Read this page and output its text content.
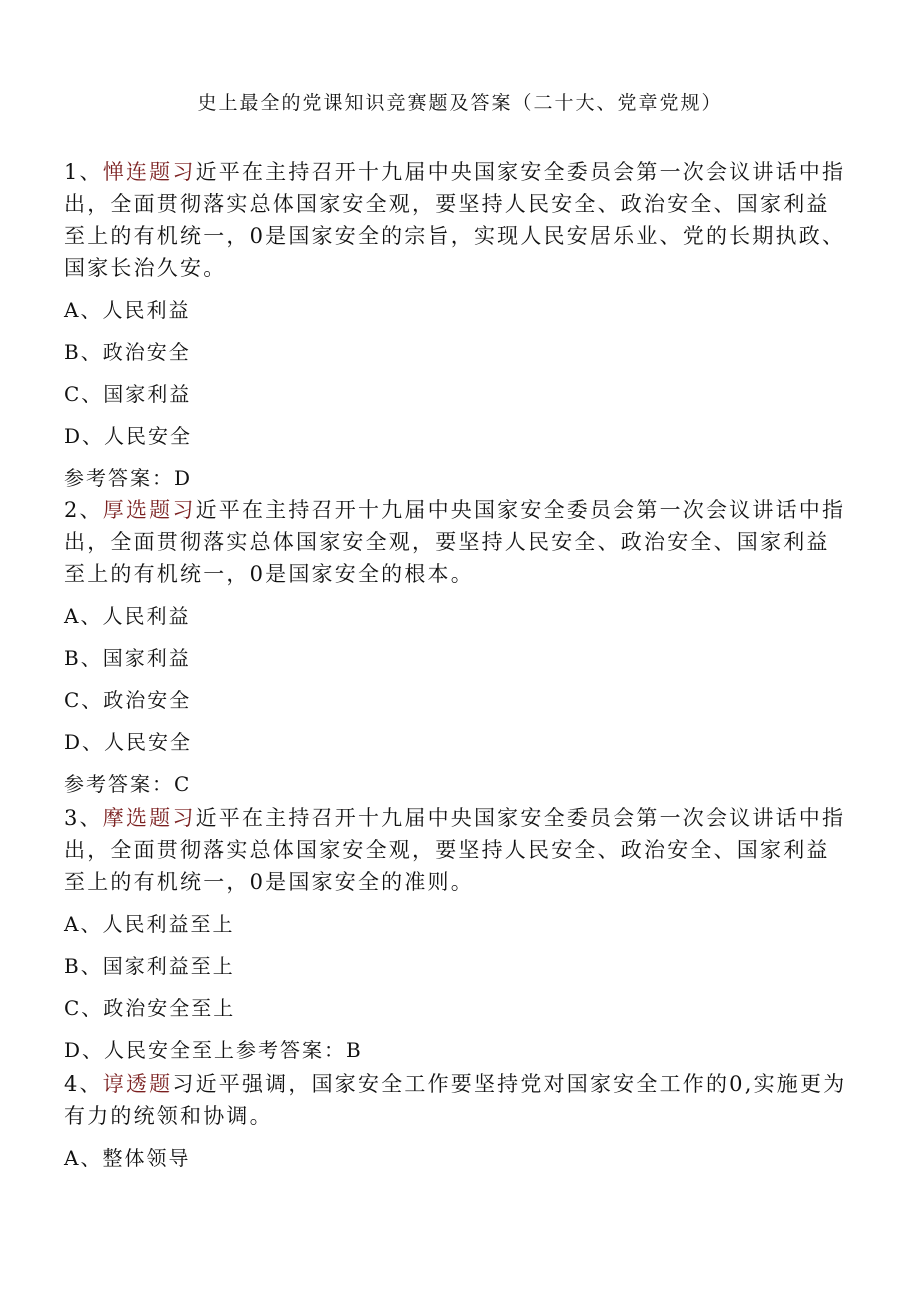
史上最全的党课知识竞赛题及答案（二十大、党章党规）

1、惮连题习近平在主持召开十九届中央国家安全委员会第一次会议讲话中指出，全面贯彻落实总体国家安全观，要坚持人民安全、政治安全、国家利益至上的有机统一，0是国家安全的宗旨，实现人民安居乐业、党的长期执政、国家长治久安。

A、人民利益

B、政治安全

C、国家利益

D、人民安全

参考答案：D

2、厚选题习近平在主持召开十九届中央国家安全委员会第一次会议讲话中指出，全面贯彻落实总体国家安全观，要坚持人民安全、政治安全、国家利益至上的有机统一，0是国家安全的根本。

A、人民利益

B、国家利益

C、政治安全

D、人民安全

参考答案：C

3、摩选题习近平在主持召开十九届中央国家安全委员会第一次会议讲话中指出，全面贯彻落实总体国家安全观，要坚持人民安全、政治安全、国家利益至上的有机统一，0是国家安全的准则。

A、人民利益至上

B、国家利益至上

C、政治安全至上

D、人民安全至上参考答案：B

4、谆透题习近平强调，国家安全工作要坚持党对国家安全工作的0,实施更为有力的统领和协调。

A、整体领导
